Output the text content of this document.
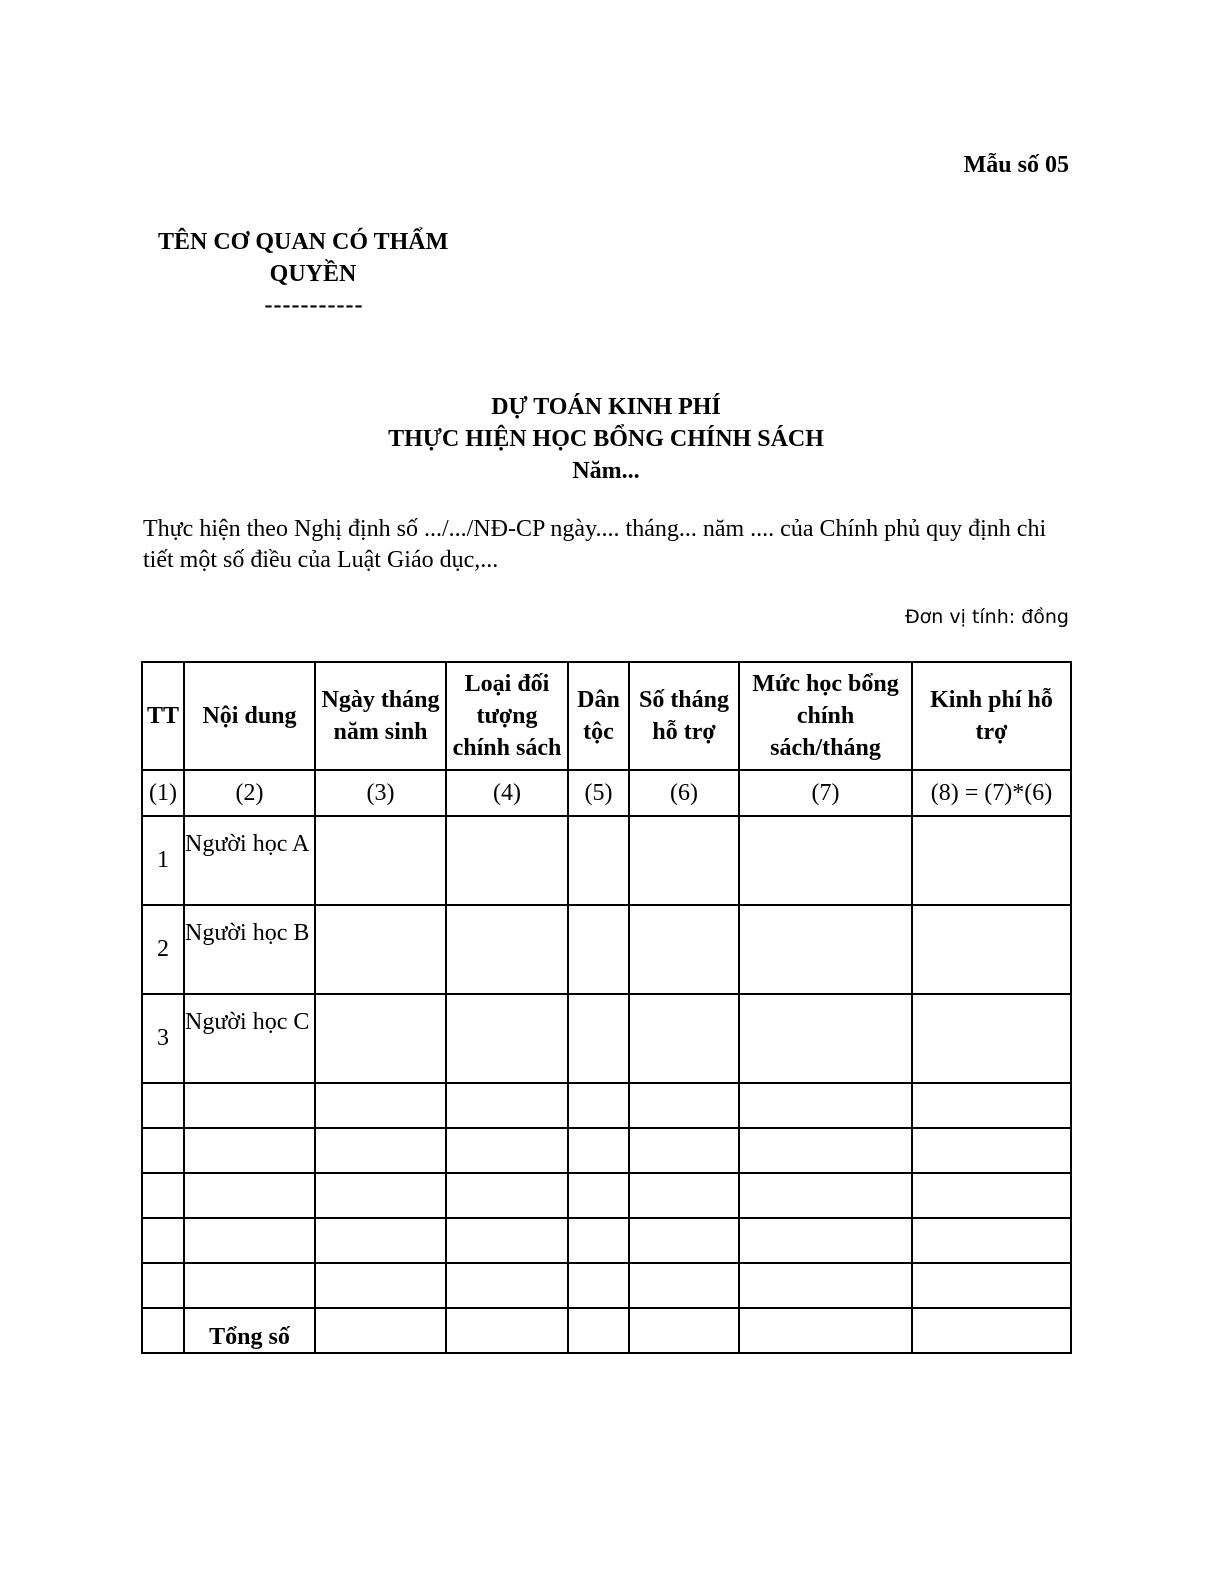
Mẫu số 05
TÊN CƠ QUAN CÓ THẨM
QUYỀN
-----------
DỰ TOÁN KINH PHÍ
THỰC HIỆN HỌC BỔNG CHÍNH SÁCH
Năm...
Thực hiện theo Nghị định số .../.../NĐ-CP ngày.... tháng... năm .... của Chính phủ quy định chi tiết một số điều của Luật Giáo dục,...
Đơn vị tính: đồng
TT	Nội dung	Ngày tháng năm sinh	Loại đối tượng chính sách	Dân tộc	Số tháng hỗ trợ	Mức học bổng chính sách/tháng	Kinh phí hỗ trợ
(1)	(2)	(3)	(4)	(5)	(6)	(7)	(8) = (7)*(6)
1	Người học A						
2	Người học B						
3	Người học C						

	Tổng số						
